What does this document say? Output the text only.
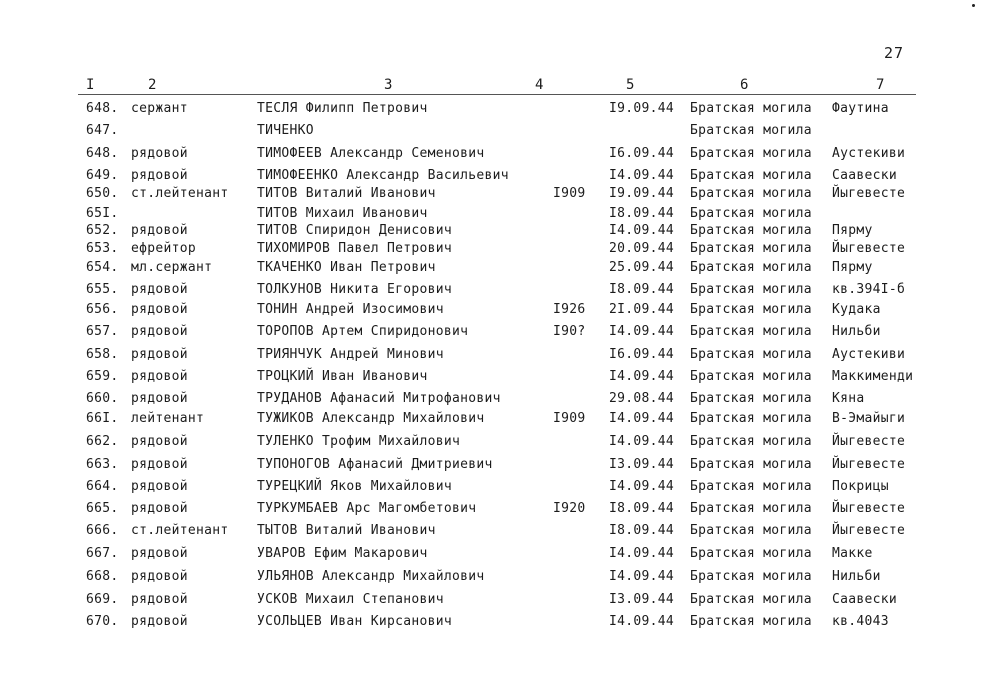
27
I	2	3	4	5	6	7
648. сержант	ТЕСЛЯ Филипп Петрович	I9.09.44 Братская могила Фаутина
647.	ТИЧЕНКО	Братская могила
648. рядовой	ТИМОФЕЕВ Александр Семенович	I6.09.44 Братская могила Аустекиви
649. рядовой	ТИМОФЕЕНКО Александр Васильевич	I4.09.44 Братская могила Саавески
650. ст.лейтенант ТИТОВ Виталий Иванович	I909 I9.09.44 Братская могила Йыгевесте
65I.	ТИТОВ Михаил Иванович	I8.09.44 Братская могила
652. рядовой	ТИТОВ Спиридон Денисович	I4.09.44 Братская могила Пярму
653. ефрейтор	ТИХОМИРОВ Павел Петрович	20.09.44 Братская могила Йыгевесте
654. мл.сержант	ТКАЧЕНКО Иван Петрович	25.09.44 Братская могила Пярму
655. рядовой	ТОЛКУНОВ Никита Егорович	I8.09.44 Братская могила кв.394I-б
656. рядовой	ТОНИН Андрей Изосимович	I926 2I.09.44 Братская могила Кудака
657. рядовой	ТОРОПОВ Артем Спиридонович	I90? I4.09.44 Братская могила Нильби
658. рядовой	ТРИЯНЧУК Андрей Минович	I6.09.44 Братская могила Аустекиви
659. рядовой	ТРОЦКИЙ Иван Иванович	I4.09.44 Братская могила Маккименди
660. рядовой	ТРУДАНОВ Афанасий Митрофанович	29.08.44 Братская могила Кяна
66I. лейтенант	ТУЖИКОВ Александр Михайлович	I909 I4.09.44 Братская могила В-Эмайыги
662. рядовой	ТУЛЕНКО Трофим Михайлович	I4.09.44 Братская могила Йыгевесте
663. рядовой	ТУПОНОГОВ Афанасий Дмитриевич	I3.09.44 Братская могила Йыгевесте
664. рядовой	ТУРЕЦКИЙ Яков Михайлович	I4.09.44 Братская могила Покрицы
665. рядовой	ТУРКУМБАЕВ Арс Магомбетович	I920 I8.09.44 Братская могила Йыгевесте
666. ст.лейтенант ТЫТОВ Виталий Иванович	I8.09.44 Братская могила Йыгевесте
667. рядовой	УВАРОВ Ефим Макарович	I4.09.44 Братская могила Макке
668. рядовой	УЛЬЯНОВ Александр Михайлович	I4.09.44 Братская могила Нильби
669. рядовой	УСКОВ Михаил Степанович	I3.09.44 Братская могила Саавески
670. рядовой	УСОЛЬЦЕВ Иван Кирсанович	I4.09.44 Братская могила кв.4043
